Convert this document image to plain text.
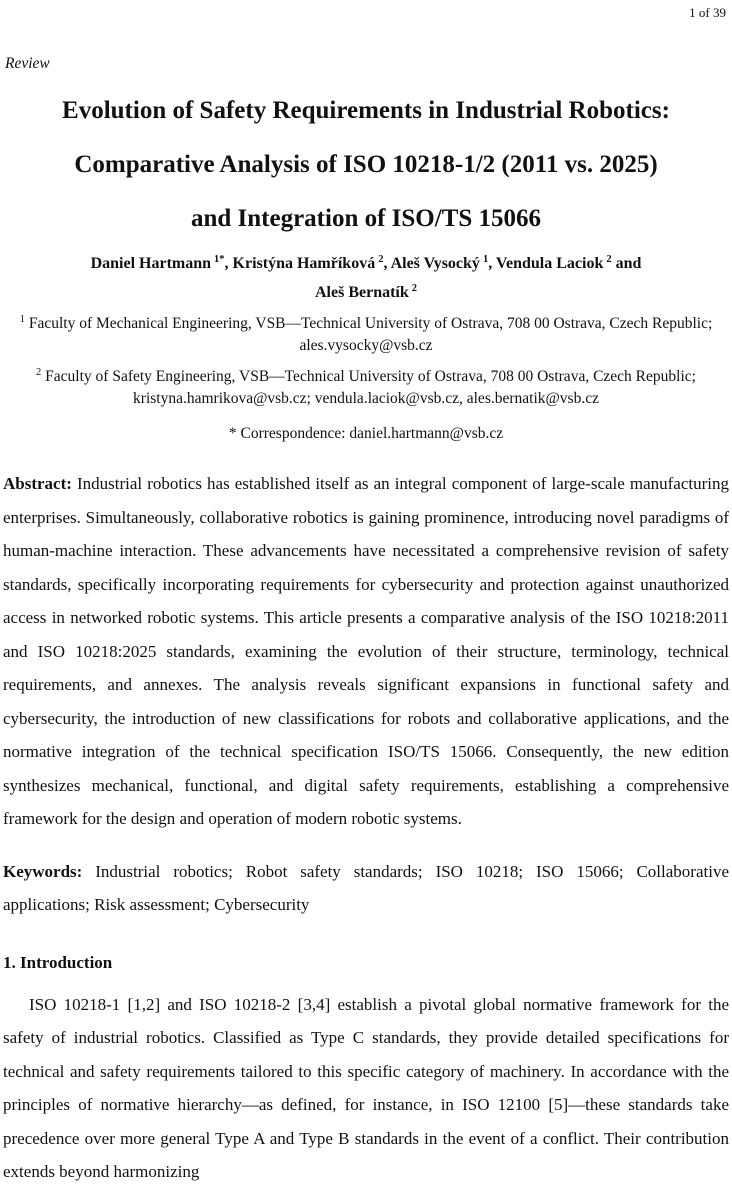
1 of 39
Review
Evolution of Safety Requirements in Industrial Robotics:
Comparative Analysis of ISO 10218-1/2 (2011 vs. 2025)
and Integration of ISO/TS 15066
Daniel Hartmann $^{1*}$, Kristýna Hamříková $^2$, Aleš Vysocký $^1$, Vendula Laciok $^2$ and
Aleš Bernatík $^2$
$^1$ Faculty of Mechanical Engineering, VSB—Technical University of Ostrava, 708 00 Ostrava, Czech Republic; ales.vysocky@vsb.cz
$^2$ Faculty of Safety Engineering, VSB—Technical University of Ostrava, 708 00 Ostrava, Czech Republic; kristyna.hamrikova@vsb.cz; vendula.laciok@vsb.cz, ales.bernatik@vsb.cz
* Correspondence: daniel.hartmann@vsb.cz

Abstract: Industrial robotics has established itself as an integral component of large-scale manufacturing enterprises. Simultaneously, collaborative robotics is gaining prominence, introducing novel paradigms of human-machine interaction. These advancements have necessitated a comprehensive revision of safety standards, specifically incorporating requirements for cybersecurity and protection against unauthorized access in networked robotic systems. This article presents a comparative analysis of the ISO 10218:2011 and ISO 10218:2025 standards, examining the evolution of their structure, terminology, technical requirements, and annexes. The analysis reveals significant expansions in functional safety and cybersecurity, the introduction of new classifications for robots and collaborative applications, and the normative integration of the technical specification ISO/TS 15066. Consequently, the new edition synthesizes mechanical, functional, and digital safety requirements, establishing a comprehensive framework for the design and operation of modern robotic systems.

Keywords: Industrial robotics; Robot safety standards; ISO 10218; ISO 15066; Collaborative applications; Risk assessment; Cybersecurity

1. Introduction

ISO 10218-1 [1,2] and ISO 10218-2 [3,4] establish a pivotal global normative framework for the safety of industrial robotics. Classified as Type C standards, they provide detailed specifications for technical and safety requirements tailored to this specific category of machinery. In accordance with the principles of normative hierarchy—as defined, for instance, in ISO 12100 [5]—these standards take precedence over more general Type A and Type B standards in the event of a conflict. Their contribution extends beyond harmonizing
